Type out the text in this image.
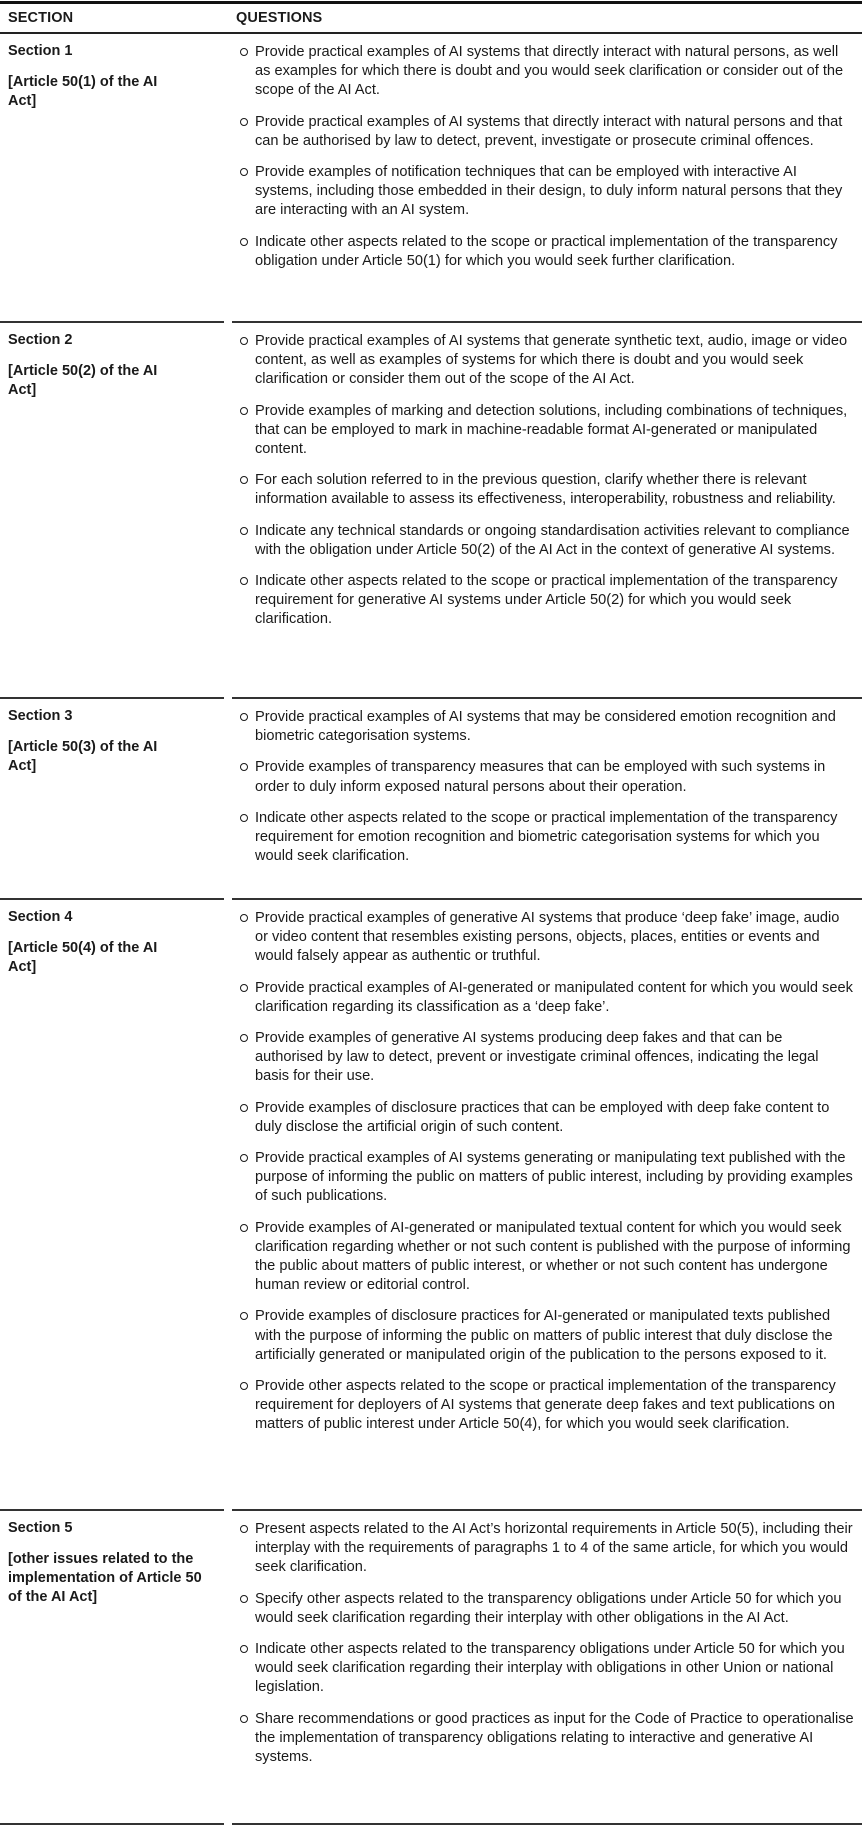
SECTION	QUESTIONS
Section 1
[Article 50(1) of the AI Act]
Provide practical examples of AI systems that directly interact with natural persons, as well as examples for which there is doubt and you would seek clarification or consider out of the scope of the AI Act.
Provide practical examples of AI systems that directly interact with natural persons and that can be authorised by law to detect, prevent, investigate or prosecute criminal offences.
Provide examples of notification techniques that can be employed with interactive AI systems, including those embedded in their design, to duly inform natural persons that they are interacting with an AI system.
Indicate other aspects related to the scope or practical implementation of the transparency obligation under Article 50(1) for which you would seek further clarification.
Section 2
[Article 50(2) of the AI Act]
Provide practical examples of AI systems that generate synthetic text, audio, image or video content, as well as examples of systems for which there is doubt and you would seek clarification or consider them out of the scope of the AI Act.
Provide examples of marking and detection solutions, including combinations of techniques, that can be employed to mark in machine-readable format AI-generated or manipulated content.
For each solution referred to in the previous question, clarify whether there is relevant information available to assess its effectiveness, interoperability, robustness and reliability.
Indicate any technical standards or ongoing standardisation activities relevant to compliance with the obligation under Article 50(2) of the AI Act in the context of generative AI systems.
Indicate other aspects related to the scope or practical implementation of the transparency requirement for generative AI systems under Article 50(2) for which you would seek clarification.
Section 3
[Article 50(3) of the AI Act]
Provide practical examples of AI systems that may be considered emotion recognition and biometric categorisation systems.
Provide examples of transparency measures that can be employed with such systems in order to duly inform exposed natural persons about their operation.
Indicate other aspects related to the scope or practical implementation of the transparency requirement for emotion recognition and biometric categorisation systems for which you would seek clarification.
Section 4
[Article 50(4) of the AI Act]
Provide practical examples of generative AI systems that produce ‘deep fake’ image, audio or video content that resembles existing persons, objects, places, entities or events and would falsely appear as authentic or truthful.
Provide practical examples of AI-generated or manipulated content for which you would seek clarification regarding its classification as a ‘deep fake’.
Provide examples of generative AI systems producing deep fakes and that can be authorised by law to detect, prevent or investigate criminal offences, indicating the legal basis for their use.
Provide examples of disclosure practices that can be employed with deep fake content to duly disclose the artificial origin of such content.
Provide practical examples of AI systems generating or manipulating text published with the purpose of informing the public on matters of public interest, including by providing examples of such publications.
Provide examples of AI-generated or manipulated textual content for which you would seek clarification regarding whether or not such content is published with the purpose of informing the public about matters of public interest, or whether or not such content has undergone human review or editorial control.
Provide examples of disclosure practices for AI-generated or manipulated texts published with the purpose of informing the public on matters of public interest that duly disclose the artificially generated or manipulated origin of the publication to the persons exposed to it.
Provide other aspects related to the scope or practical implementation of the transparency requirement for deployers of AI systems that generate deep fakes and text publications on matters of public interest under Article 50(4), for which you would seek clarification.
Section 5
[other issues related to the implementation of Article 50 of the AI Act]
Present aspects related to the AI Act’s horizontal requirements in Article 50(5), including their interplay with the requirements of paragraphs 1 to 4 of the same article, for which you would seek clarification.
Specify other aspects related to the transparency obligations under Article 50 for which you would seek clarification regarding their interplay with other obligations in the AI Act.
Indicate other aspects related to the transparency obligations under Article 50 for which you would seek clarification regarding their interplay with obligations in other Union or national legislation.
Share recommendations or good practices as input for the Code of Practice to operationalise the implementation of transparency obligations relating to interactive and generative AI systems.
